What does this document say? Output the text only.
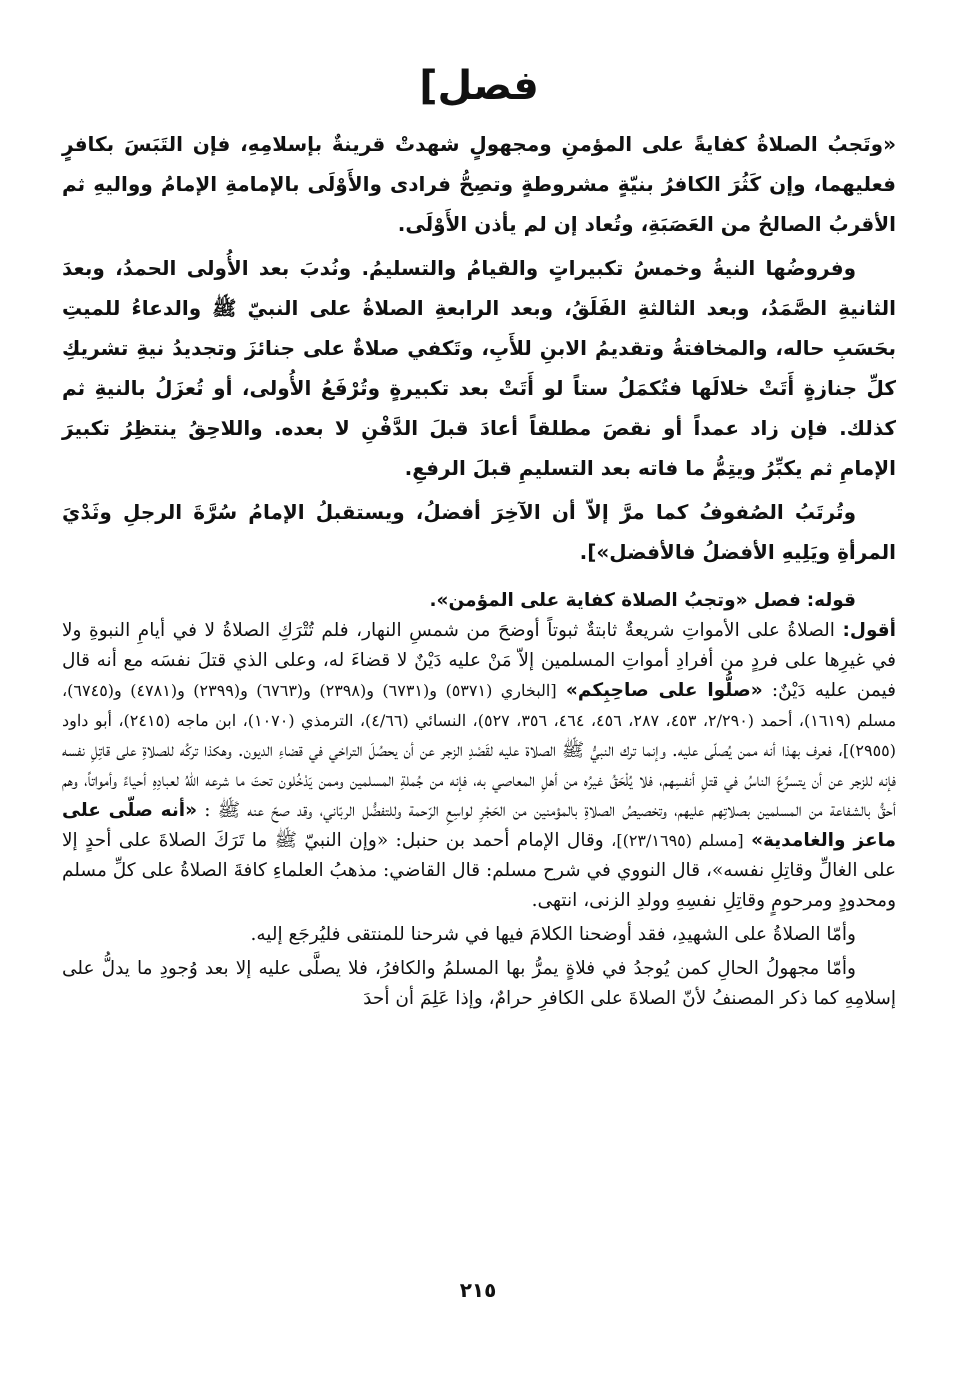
[فصل

«وتَجبُ الصلاةُ كفايةً على المؤمنِ ومجهولٍ شهدتْ قرينةٌ بإسلامِهِ، فإن التَبَسَ بكافرٍ فعليهما، وإن كَثُرَ الكافرُ بنيّةٍ مشروطةٍ وتصِحُّ فرادى والأَوْلَى بالإمامةِ الإمامُ وواليهِ ثم الأقربُ الصالحُ من العَصَبَةِ، وتُعاد إن لم يأذن الأَوْلَى.

وفروضُها النيةُ وخمسُ تكبيراتٍ والقيامُ والتسليمُ. ونُدبَ بعد الأُولى الحمدُ، وبعدَ الثانيةِ الصَّمَدُ، وبعد الثالثةِ الفَلَقُ، وبعد الرابعةِ الصلاةُ على النبيّ ﷺ والدعاءُ للميتِ بحَسَبِ حاله، والمخافتةُ وتقديمُ الابنِ للأَبِ، وتَكفي صلاةٌ على جنائزَ وتجديدُ نيةِ تشريكِ كلِّ جنازةٍ أَتَتْ خلالَها فتُكمَلُ ستاً لو أَتَتْ بعد تكبيرةٍ وتُرْفَعُ الأُولى، أو تُعزَلُ بالنيةِ ثم كذلك. فإن زاد عمداً أو نقصَ مطلقاً أعادَ قبلَ الدَّفْنِ لا بعده. واللاحِقُ ينتظِرُ تكبيرَ الإمامِ ثم يكبِّرُ ويتِمُّ ما فاته بعد التسليمِ قبلَ الرفعِ.

وتُرتَبُ الصُفوفُ كما مرَّ إلاّ أن الآخِرَ أفضلُ، ويستقبلُ الإمامُ سُرَّةَ الرجلِ وثَدْيَ المرأةِ ويَلِيهِ الأفضلُ فالأفضل»].

قوله: فصل «وتجبُ الصلاة كفاية على المؤمن».

أقول: الصلاةُ على الأمواتِ شريعةٌ ثابتةٌ ثبوتاً أوضحَ من شمسِ النهار، فلم تُتْرَكِ الصلاةُ لا في أيامِ النبوةِ ولا في غيرِها على فردٍ من أفرادِ أمواتِ المسلمين إلاّ مَنْ عليه دَيْنٌ لا قضاءَ له، وعلى الذي قتلَ نفسَه مع أنه قال فيمن عليه دَيْنٌ: «صلُّوا على صاحِبِكم» [البخاري (٥٣٧١) و(٦٧٣١) و(٢٣٩٨) و(٦٧٦٣) و(٢٣٩٩) و(٤٧٨١) و(٦٧٤٥)، مسلم (١٦١٩)، أحمد (٢/٢٩٠، ٤٥٣، ٢٨٧، ٤٥٦، ٤٦٤، ٣٥٦، ٥٢٧)، النسائي (٤/٦٦)، الترمذي (١٠٧٠)، ابن ماجه (٢٤١٥)، أبو داود (٢٩٥٥)]، فعرف بهذا أنه ممن يُصلّى عليه. وإنما ترك النبيُّ ﷺ الصلاة عليه لقَصْدِ الزجر عن أن يحصُلَ التراخي في قضاءِ الديون. وهكذا تركُه للصلاةِ على قاتِلِ نفسه فإنه للزجر عن أن يتسرَّعَ الناسُ في قتلِ أنفسِهم، فلا يُلْحَقُ غيرُه من أهلِ المعاصي به، فإنه من جُملةِ المسلمين وممن يَدْخُلون تحتَ ما شرعه اللهُ لعبادِهِ أحياءً وأمواتاً، وهم أحقُّ بالشفاعة من المسلمين بصلاتِهم عليهم، وتخصيصُ الصلاةِ بالمؤمنين من الحَجْرِ لواسِعِ الرّحمة وللتفضُّل الربّاني، وقد صحّ عنه ﷺ : «أنه صلّى على ماعز والغامدية» [مسلم (٢٣/١٦٩٥)]، وقال الإمام أحمد بن حنبل: «وإن النبيّ ﷺ ما تَرَكَ الصلاةَ على أحدٍ إلا على الغالِّ وقاتِلِ نفسه»، قال النووي في شرح مسلم: قال القاضي: مذهبُ العلماءِ كافةَ الصلاةُ على كلِّ مسلم ومحدودٍ ومرحومٍ وقاتِلِ نفسِهِ وولدِ الزنى، انتهى.

وأمّا الصلاةُ على الشهيدِ، فقد أوضحنا الكلامَ فيها في شرحنا للمنتقى فليُرجَع إليه.

وأمّا مجهولُ الحالِ كمن يُوجدُ في فلاةٍ يمرُّ بها المسلمُ والكافرُ، فلا يصلَّى عليه إلا بعد وُجودِ ما يدلُّ على إسلامِهِ كما ذكر المصنفُ لأنّ الصلاةَ على الكافرِ حرامٌ، وإذا عَلِمَ أن أحدَ

٢١٥
